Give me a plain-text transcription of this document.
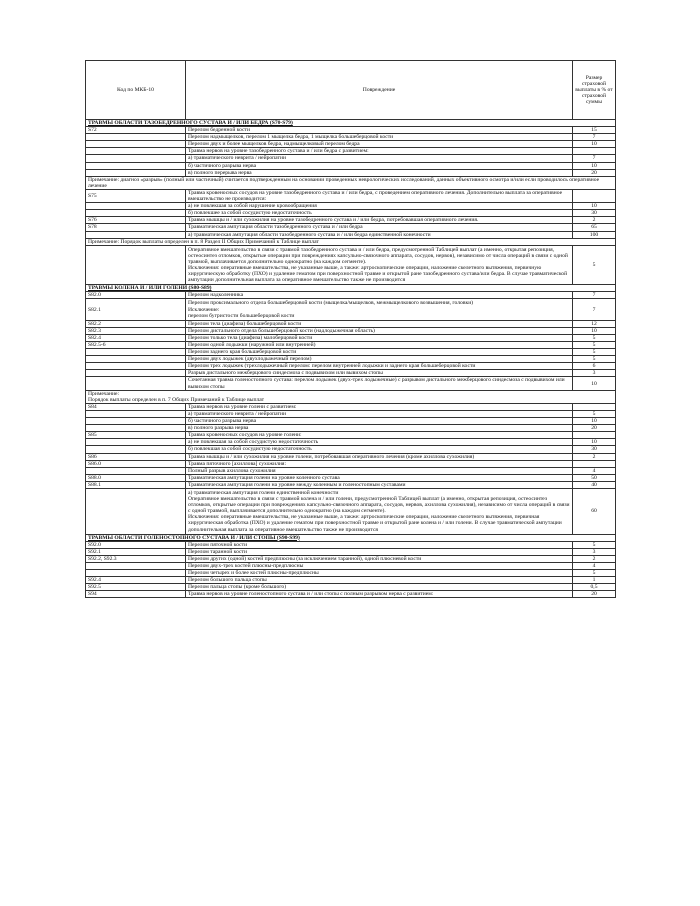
Код по МКБ-10	Повреждение	Размер страховой выплаты в % от страховой суммы
ТРАВМЫ ОБЛАСТИ ТАЗОБЕДРЕННОГО СУСТАВА И / ИЛИ БЕДРА (S70-S79)		
S72	Перелом бедренной кости	15
	Перелом надмыщелков, перелом 1 мыщелка бедра, 1 мыщелка большеберцовой кости	7
	Перелом двух и более мыщелков бедра, надмыщелковый перелом бедра	10
	Травма нервов на уровне тазобедренного сустава и / или бедра с развитием:	
	а) травматического неврита / нейропатии	7
	б) частичного разрыва нерва	10
	в) полного перерыва нерва	20
Примечание: диагноз «разрыв» (полный или частичный) считается подтвержденным на основании проведенных неврологических исследований, данных объективного осмотра и/или если проводилось оперативное лечение		
S75	Травма кровеносных сосудов на уровне тазобедренного сустава и / или бедра, с проведением оперативного лечения. Дополнительно выплата за оперативное вмешательство не производится:	
	а) не повлекшая за собой нарушение кровообращения	10
	б) повлекшее за собой сосудистую недостаточность	30
S76	Травма мышцы и / или сухожилия на уровне тазобедренного сустава и / или бедра, потребовавшая оперативного лечения.	2
S78	Травматическая ампутация области тазобедренного сустава и / или бедра	65
	а) травматическая ампутация области тазобедренного сустава и / или бедра единственной конечности	100
Примечание: Порядок выплаты определен в п. 8 Раздел II Общих Примечаний к Таблице выплат		

	Оперативное вмешательство в связи с травмой тазобедренного сустава и / или бедра, предусмотренной Таблицей выплат (а именно, открытая репозиция, остеосинтез отломков, открытые операции при повреждениях капсульно-связочного аппарата, сосудов, нервов), независимо от числа операций в связи с одной травмой, выплачивается дополнительно однократно (на каждом сегменте).
Исключения: оперативные вмешательства, не указанные выше, а также: артроскопические операции, наложение скелетного вытяжения, первичную хирургическую обработку (ПХО) и удаление гематом при поверхностной травме и открытой ране тазобедренного сустава/или бедра. В случае травматической ампутации дополнительная выплата за оперативное вмешательство также не производится	5
ТРАВМЫ КОЛЕНА И / ИЛИ ГОЛЕНИ (S80-S89)		
S82.0	Перелом надколенника	7
S82.1	Перелом проксимального отдела большеберцовой кости (мыщелка/мыщелков, межмыщелкового возвышения, головки)
Исключение:
перелом бугристости большеберцовой кости	7
S82.2	Перелом тела (диафиза) большеберцовой кости	12
S82.3	Перелом дистального отдела большеберцовой кости (надлодыжечная область)	10
S82.4	Перелом только тела (диафиза) малоберцовой кости	5
S82.5-6	Перелом одной лодыжки (наружной или внутренней)	5
	Перелом заднего края большеберцовой кости	5
	Перелом двух лодыжек (двухлодыжечный перелом)	5
	Перелом трех лодыжек (трехлодыжечный перелом: перелом внутренней лодыжки и заднего края большеберцовой кости	6
	Разрыв дистального межберцового синдесмоза с подвывихом или вывихом стопы	3
	Сочетанная травма голеностопного сустава: перелом лодыжек (двух-трех лодыжечные) с разрывом дистального межберцового синдесмоза с подвывихом или вывихом стопы	10

Примечание:
Порядок выплаты определен в п. 7 Общих Примечаний к Таблице выплат		

S84	Травма нервов на уровне голени с развитием:	
	а) травматического неврита / нейропатии	5
	б) частичного разрыва нерва	10
	в) полного разрыва нерва	20
S85	Травма кровеносных сосудов на уровне голени:	
	а) не повлекшая за собой сосудистую недостаточность	10
	б) повлекшая за собой сосудистую недостаточность	30
S86	Травма мышцы и / или сухожилия на уровне голени, потребовавшая оперативного лечения (кроме ахиллова сухожилия)	2
S86.0	Травма пяточного [ахиллова] сухожилия:	
	Полный разрыв ахиллова сухожилия	4
S88.0	Травматическая ампутация голени на уровне коленного сустава	50
S88.1	Травматическая ампутация голени на уровне между коленным и голеностопным суставами	40

	а) травматическая ампутация голени единственной конечности
Оперативное вмешательство в связи с травмой колена и / или голени, предусмотренной Таблицей выплат (а именно, открытая репозиция, остеосинтез отломков, открытые операции при повреждениях капсульно-связочного аппарата, сосудов, нервов, ахиллова сухожилия), независимо от числа операций в связи с одной травмой, выплачивается дополнительно однократно (на каждом сегменте).
Исключения: оперативные вмешательства, не указанные выше, а также: артроскопические операции, наложение скелетного вытяжения, первичная хирургическая обработка (ПХО) и удаление гематом при поверхностной травме и открытой ране колена и / или голени. В случае травматической ампутации дополнительная выплата за оперативное вмешательство также не производится	60
ТРАВМЫ ОБЛАСТИ ГОЛЕНОСТОПНОГО СУСТАВА И / ИЛИ СТОПЫ (S90-S99)		
S92.0	Перелом пяточной кости	5
S92.1	Перелом таранной кости	3
S92.2, S92.3	Перелом других (одной) костей предплюсны (за исключением таранной), одной плюсневой кости	2
	Перелом двух-трех костей плюсны-предплюсны	4
	Перелом четырех и более костей плюсны-предплюсны	5
S92.4	Перелом большого пальца стопы	1
S92.5	Перелом пальца стопы (кроме большого)	0,5
S94	Травма нервов на уровне голеностопного сустава и / или стопы с полным разрывом нерва с развитием:	20
